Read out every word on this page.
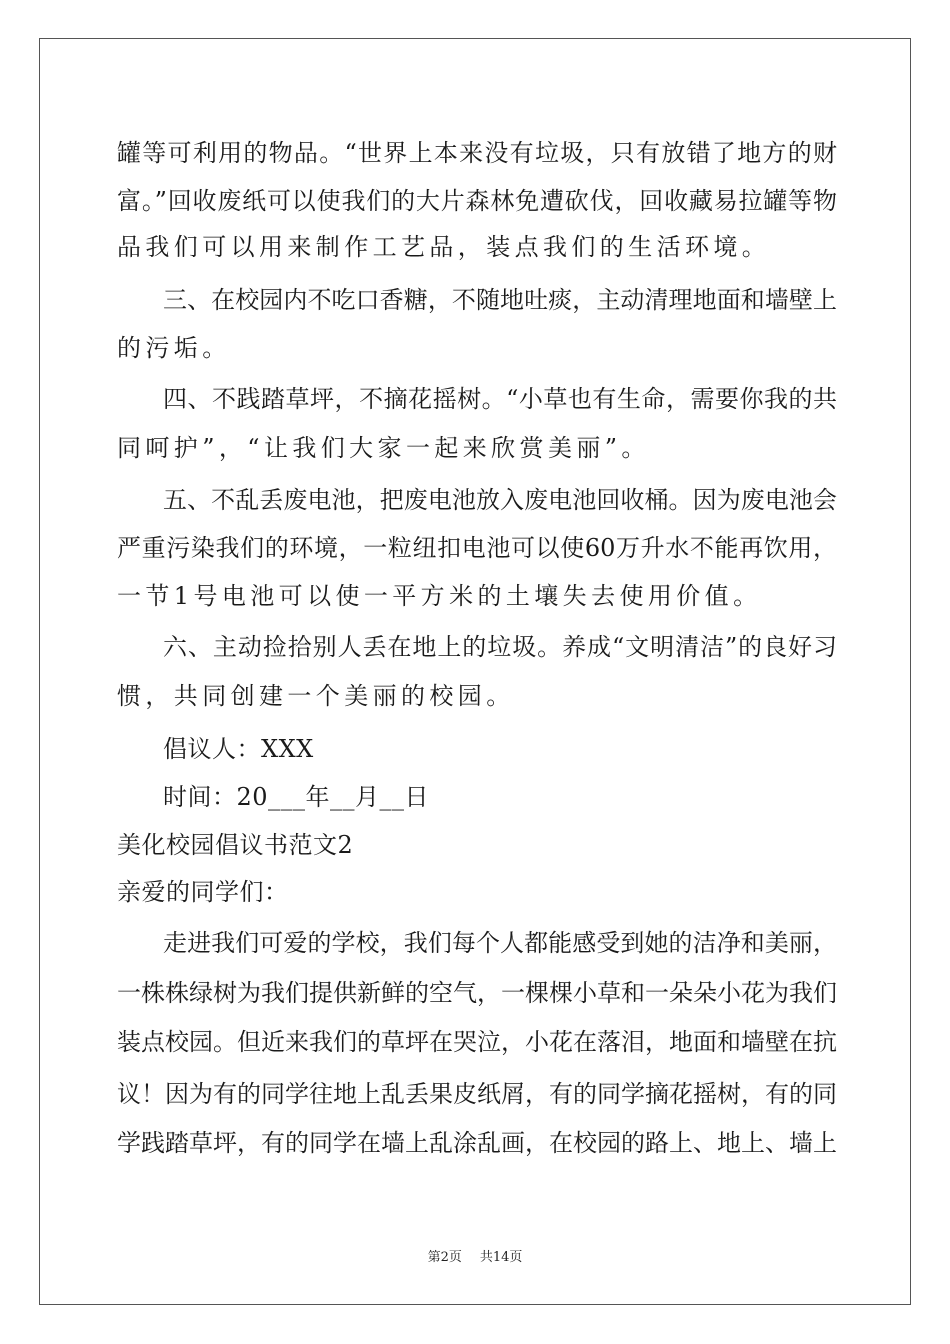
罐等可利用的物品。“世界上本来没有垃圾，只有放错了地方的财
富。”回收废纸可以使我们的大片森林免遭砍伐，回收藏易拉罐等物
品我们可以用来制作工艺品，装点我们的生活环境。
三、在校园内不吃口香糖，不随地吐痰，主动清理地面和墙壁上
的污垢。
四、不践踏草坪，不摘花摇树。“小草也有生命，需要你我的共
同呵护”，“让我们大家一起来欣赏美丽”。
五、不乱丢废电池，把废电池放入废电池回收桶。因为废电池会
严重污染我们的环境，一粒纽扣电池可以使60万升水不能再饮用，
一节1号电池可以使一平方米的土壤失去使用价值。
六、主动捡拾别人丢在地上的垃圾。养成“文明清洁”的良好习
惯，共同创建一个美丽的校园。
倡议人：XXX
时间：20___年__月__日
美化校园倡议书范文2
亲爱的同学们：
走进我们可爱的学校，我们每个人都能感受到她的洁净和美丽，
一株株绿树为我们提供新鲜的空气，一棵棵小草和一朵朵小花为我们
装点校园。但近来我们的草坪在哭泣，小花在落泪，地面和墙壁在抗
议！因为有的同学往地上乱丢果皮纸屑，有的同学摘花摇树，有的同
学践踏草坪，有的同学在墙上乱涂乱画，在校园的路上、地上、墙上
第2页 共14页
